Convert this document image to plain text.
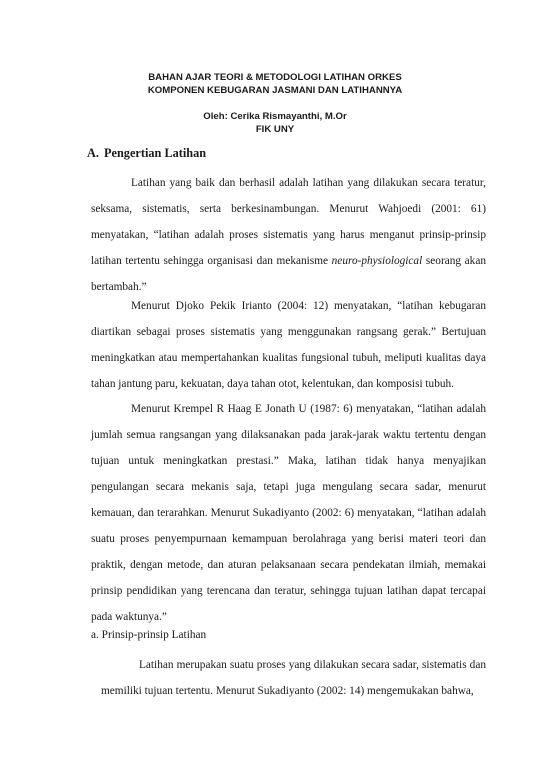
BAHAN AJAR TEORI & METODOLOGI LATIHAN ORKES

KOMPONEN KEBUGARAN JASMANI DAN LATIHANNYA

Oleh: Cerika Rismayanthi, M.Or

FIK UNY

A. Pengertian Latihan

Latihan yang baik dan berhasil adalah latihan yang dilakukan secara teratur, seksama, sistematis, serta berkesinambungan. Menurut Wahjoedi (2001: 61) menyatakan, “latihan adalah proses sistematis yang harus menganut prinsip-prinsip latihan tertentu sehingga organisasi dan mekanisme neuro-physiological seorang akan bertambah.”

Menurut Djoko Pekik Irianto (2004: 12) menyatakan, “latihan kebugaran diartikan sebagai proses sistematis yang menggunakan rangsang gerak.” Bertujuan meningkatkan atau mempertahankan kualitas fungsional tubuh, meliputi kualitas daya tahan jantung paru, kekuatan, daya tahan otot, kelentukan, dan komposisi tubuh.

Menurut Krempel R Haag E Jonath U (1987: 6) menyatakan, “latihan adalah jumlah semua rangsangan yang dilaksanakan pada jarak-jarak waktu tertentu dengan tujuan untuk meningkatkan prestasi.” Maka, latihan tidak hanya menyajikan pengulangan secara mekanis saja, tetapi juga mengulang secara sadar, menurut kemauan, dan terarahkan. Menurut Sukadiyanto (2002: 6) menyatakan, “latihan adalah suatu proses penyempurnaan kemampuan berolahraga yang berisi materi teori dan praktik, dengan metode, dan aturan pelaksanaan secara pendekatan ilmiah, memakai prinsip pendidikan yang terencana dan teratur, sehingga tujuan latihan dapat tercapai pada waktunya.”

a. Prinsip-prinsip Latihan

Latihan merupakan suatu proses yang dilakukan secara sadar, sistematis dan memiliki tujuan tertentu. Menurut Sukadiyanto (2002: 14) mengemukakan bahwa,
